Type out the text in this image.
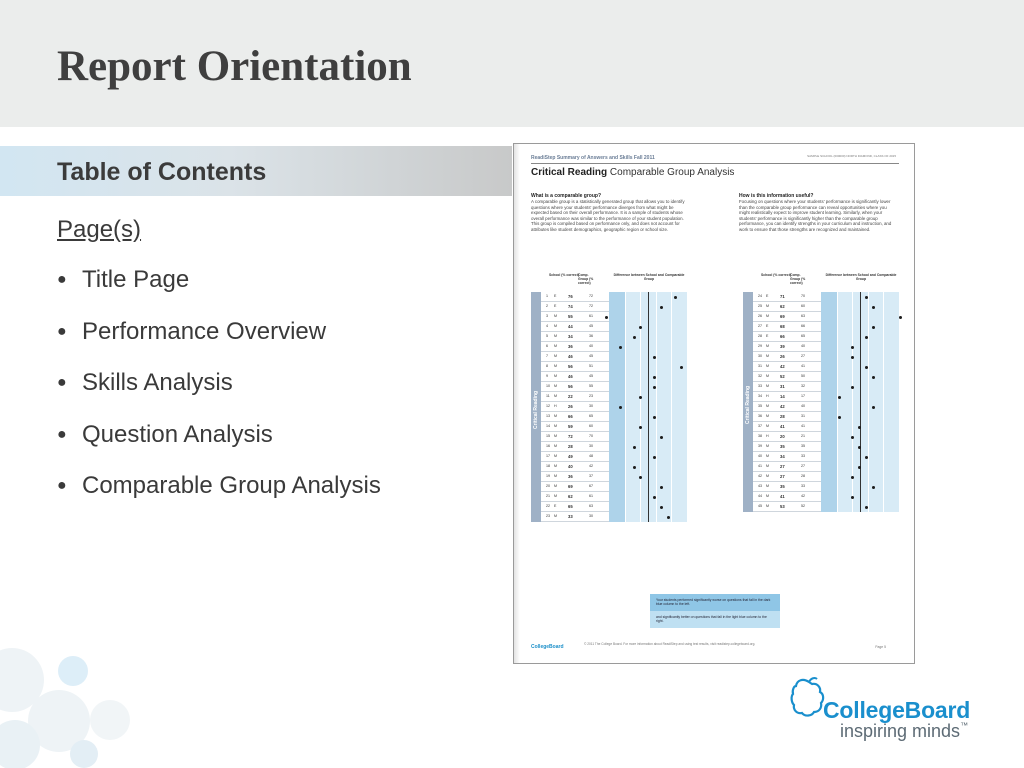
Report Orientation
Table of Contents
Page(s)
● Title Page
● Performance Overview
● Skills Analysis
● Question Analysis
● Comparable Group Analysis
ReadiStep Summary of Answers and Skills Fall 2011	SAMPLE SCHOOL (000000) NORTH DIAMOND, CLASS OF 2015
Critical Reading Comparable Group Analysis
What is a comparable group?
A comparable group is a statistically generated group that allows you to identify questions where your students' performance diverges from what might be expected based on their overall performance. It is a sample of students whose overall performance was similar to the performance of your student population. This group is compiled based on performance only, and does not account for attributes like student demographics, geographic region or school size.
How is this information useful?
Focusing on questions where your students' performance is significantly lower than the comparable group performance can reveal opportunities where you might realistically expect to improve student learning. Similarly, when your students' performance is significantly higher than the comparable group performance, you can identify strengths in your curriculum and instruction, and work to ensure that those strengths are recognized and maintained.
School (% correct) Comp. Group (% correct)
Difference between School and Comparable Group
Critical Reading
1 E	76	72
2 E	74	72
3 M	55	61
4 M	44	45
5 M	34	36
6 M	36	40
7 M	46	45
8 M	56	51
9 M	46	45
10 M	56	55
11 M	22	23
12 H	26	30
13 M	66	65
14 M	59	60
15 M	72	70
16 M	28	30
17 M	49	48
18 M	40	42
19 M	36	37
20 M	69	67
21 M	62	61
22 E	65	63
23 M	33	30
School (% correct) Comp. Group (% correct)
Difference between School and Comparable Group
Critical Reading
24 E	71	70
25 M	62	60
26 M	69	63
27 E	68	66
28 E	66	65
29 M	39	40
30 M	26	27
31 M	42	41
32 M	52	50
33 M	31	32
34 H	14	17
35 M	42	40
36 M	28	31
37 M	41	41
38 H	20	21
39 M	35	35
40 M	34	33
41 M	27	27
42 M	27	28
43 M	35	33
44 M	41	42
45 M	53	52
Your students performed significantly worse on questions that fall in the dark blue column to the left.
and significantly better on questions that fall in the light blue column to the right.
CollegeBoard	© 2011 The College Board. For more information about ReadiStep and using test results, visit readistep.collegeboard.org.
Page 5
CollegeBoard
inspiring minds™
